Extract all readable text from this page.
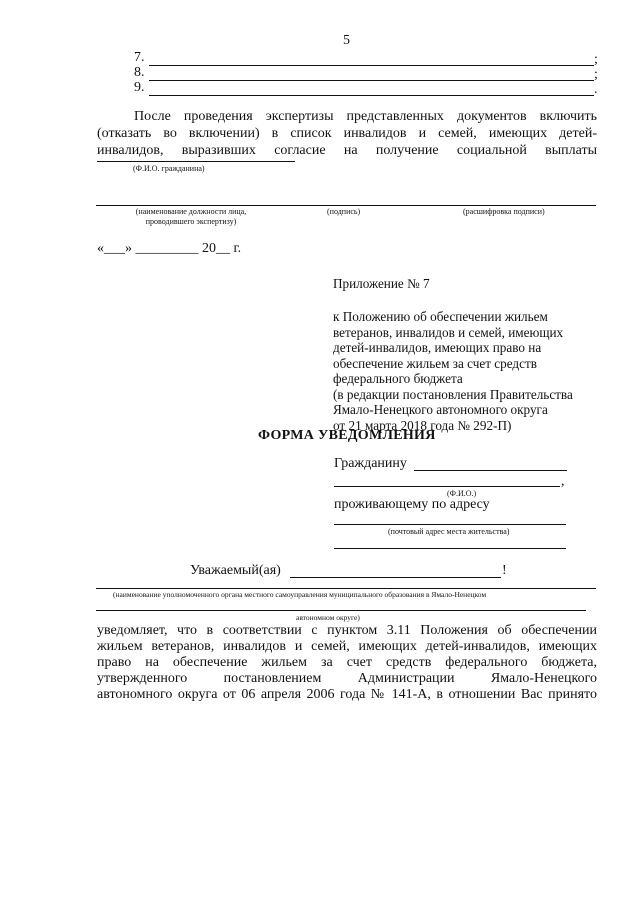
5
7.	;
8.	;
9.	.
После проведения экспертизы представленных документов включить
(отказать во включении) в список инвалидов и семей, имеющих детей-
инвалидов, выразивших согласие на получение социальной выплаты
(Ф.И.О. гражданина)
(наименование должности лица,
проводившего экспертизу)
(подпись)	(расшифровка подписи)
«___» _________ 20__ г.
Приложение № 7
к Положению об обеспечении жильем
ветеранов, инвалидов и семей, имеющих
детей-инвалидов, имеющих право на
обеспечение жильем за счет средств
федерального бюджета
(в редакции постановления Правительства
Ямало-Ненецкого автономного округа
от 21 марта 2018 года № 292-П)
ФОРМА УВЕДОМЛЕНИЯ
Гражданину
,
(Ф.И.О.)
проживающему по адресу
(почтовый адрес места жительства)
Уважаемый(ая)	!
(наименование уполномоченного органа местного самоуправления муниципального образования в Ямало-Ненецком
автономном округе)
уведомляет, что в соответствии с пунктом 3.11 Положения об обеспечении
жильем ветеранов, инвалидов и семей, имеющих детей-инвалидов, имеющих
право на обеспечение жильем за счет средств федерального бюджета,
утвержденного постановлением Администрации Ямало-Ненецкого
автономного округа от 06 апреля 2006 года № 141-А, в отношении Вас принято
